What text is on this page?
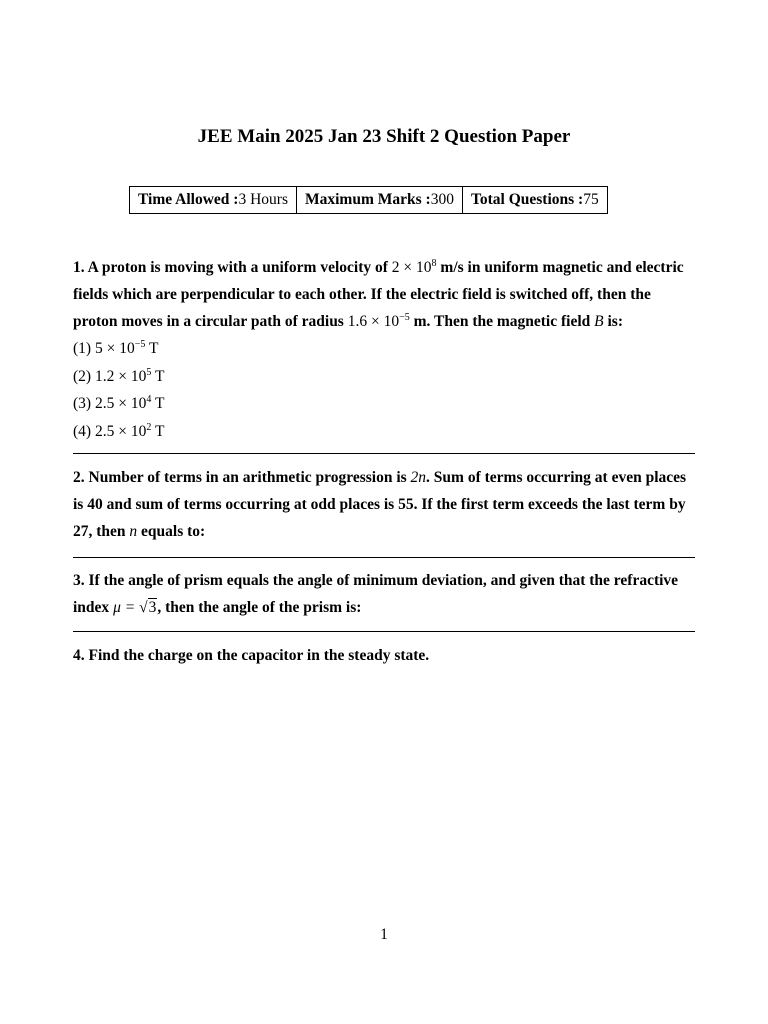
JEE Main 2025 Jan 23 Shift 2 Question Paper
Time Allowed :3 Hours	Maximum Marks :300	Total Questions :75
1. A proton is moving with a uniform velocity of $2 \times 10^8$ m/s in uniform magnetic and electric fields which are perpendicular to each other. If the electric field is switched off, then the proton moves in a circular path of radius $1.6 \times 10^{-5}$ m. Then the magnetic field B is:
(1) $5 \times 10^{-5}$ T
(2) $1.2 \times 10^5$ T
(3) $2.5 \times 10^4$ T
(4) $2.5 \times 10^2$ T
2. Number of terms in an arithmetic progression is 2n. Sum of terms occurring at even places is 40 and sum of terms occurring at odd places is 55. If the first term exceeds the last term by 27, then n equals to:
3. If the angle of prism equals the angle of minimum deviation, and given that the refractive index μ = √3, then the angle of the prism is:
4. Find the charge on the capacitor in the steady state.
1
